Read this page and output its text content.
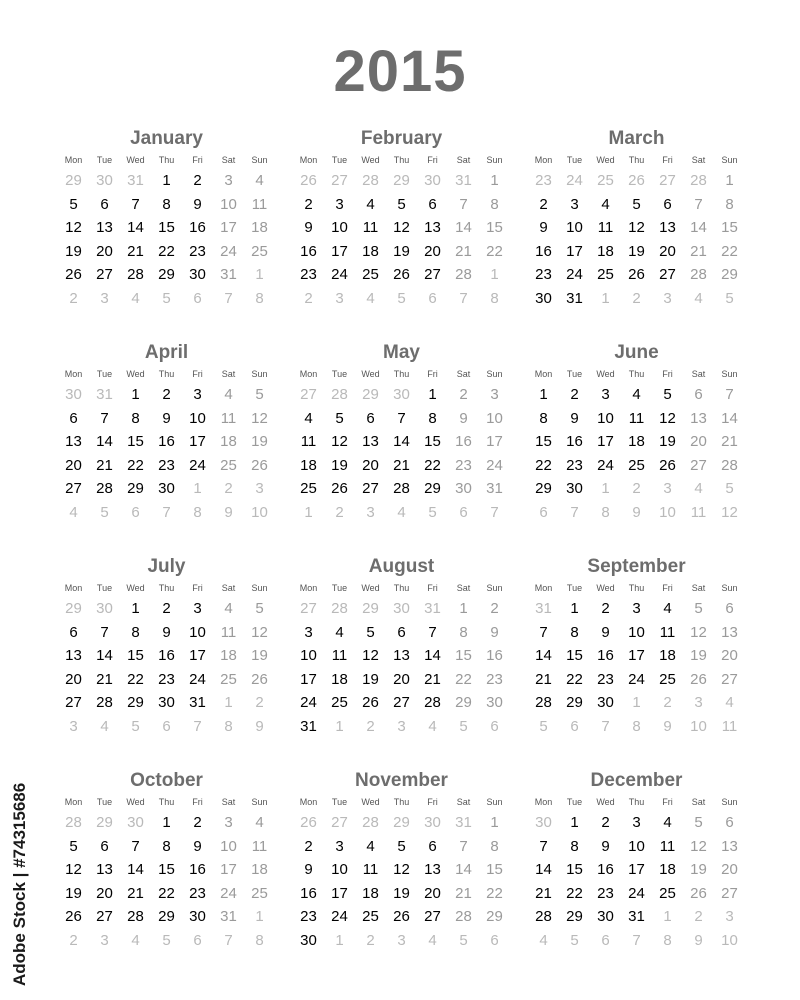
2015
January
Mon	Tue	Wed	Thu	Fri	Sat	Sun
29 30 31	1	2	3	4
5	6	7	8	9	10 11
12 13 14 15 16 17 18
19 20 21 22 23 24 25
26 27 28 29 30 31	1
2	3	4	5	6	7	8
February
Mon	Tue	Wed	Thu	Fri	Sat	Sun
26 27 28 29 30 31	1
2	3	4	5	6	7	8
9	10 11 12 13 14 15
16 17 18 19 20 21 22
23 24 25 26 27 28	1
2	3	4	5	6	7	8
March
Mon	Tue	Wed	Thu	Fri	Sat	Sun
23 24 25 26 27 28	1
2	3	4	5	6	7	8
9	10 11 12 13 14 15
16 17 18 19 20 21 22
23 24 25 26 27 28 29
30 31	1	2	3	4	5
April
Mon	Tue	Wed	Thu	Fri	Sat	Sun
30 31	1	2	3	4	5
6	7	8	9	10 11 12
13 14 15 16 17 18 19
20 21 22 23 24 25 26
27 28 29 30	1	2	3
4	5	6	7	8	9	10
May
Mon	Tue	Wed	Thu	Fri	Sat	Sun
27 28 29 30	1	2	3
4	5	6	7	8	9	10
11 12 13 14 15 16 17
18 19 20 21 22 23 24
25 26 27 28 29 30 31
1	2	3	4	5	6	7
June
Mon	Tue	Wed	Thu	Fri	Sat	Sun
1	2	3	4	5	6	7
8	9	10 11 12 13 14
15 16 17 18 19 20 21
22 23 24 25 26 27 28
29 30	1	2	3	4	5
6	7	8	9	10 11 12
July
Mon	Tue	Wed	Thu	Fri	Sat	Sun
29 30	1	2	3	4	5
6	7	8	9	10 11 12
13 14 15 16 17 18 19
20 21 22 23 24 25 26
27 28 29 30 31	1	2
3	4	5	6	7	8	9
August
Mon	Tue	Wed	Thu	Fri	Sat	Sun
27 28 29 30 31	1	2
3	4	5	6	7	8	9
10 11 12 13 14 15 16
17 18 19 20 21 22 23
24 25 26 27 28 29 30
31	1	2	3	4	5	6
September
Mon	Tue	Wed	Thu	Fri	Sat	Sun
31	1	2	3	4	5	6
7	8	9	10 11 12 13
14 15 16 17 18 19 20
21 22 23 24 25 26 27
28 29 30	1	2	3	4
5	6	7	8	9	10 11
October
Mon	Tue	Wed	Thu	Fri	Sat	Sun
28 29 30	1	2	3	4
5	6	7	8	9	10 11
12 13 14 15 16 17 18
19 20 21 22 23 24 25
26 27 28 29 30 31	1
2	3	4	5	6	7	8
November
Mon	Tue	Wed	Thu	Fri	Sat	Sun
26 27 28 29 30 31	1
2	3	4	5	6	7	8
9	10 11 12 13 14 15
16 17 18 19 20 21 22
23 24 25 26 27 28 29
30	1	2	3	4	5	6
December
Mon	Tue	Wed	Thu	Fri	Sat	Sun
30	1	2	3	4	5	6
7	8	9	10 11 12 13
14 15 16 17 18 19 20
21 22 23 24 25 26 27
28 29 30 31	1	2	3
4	5	6	7	8	9	10
Adobe Stock | #74315686
